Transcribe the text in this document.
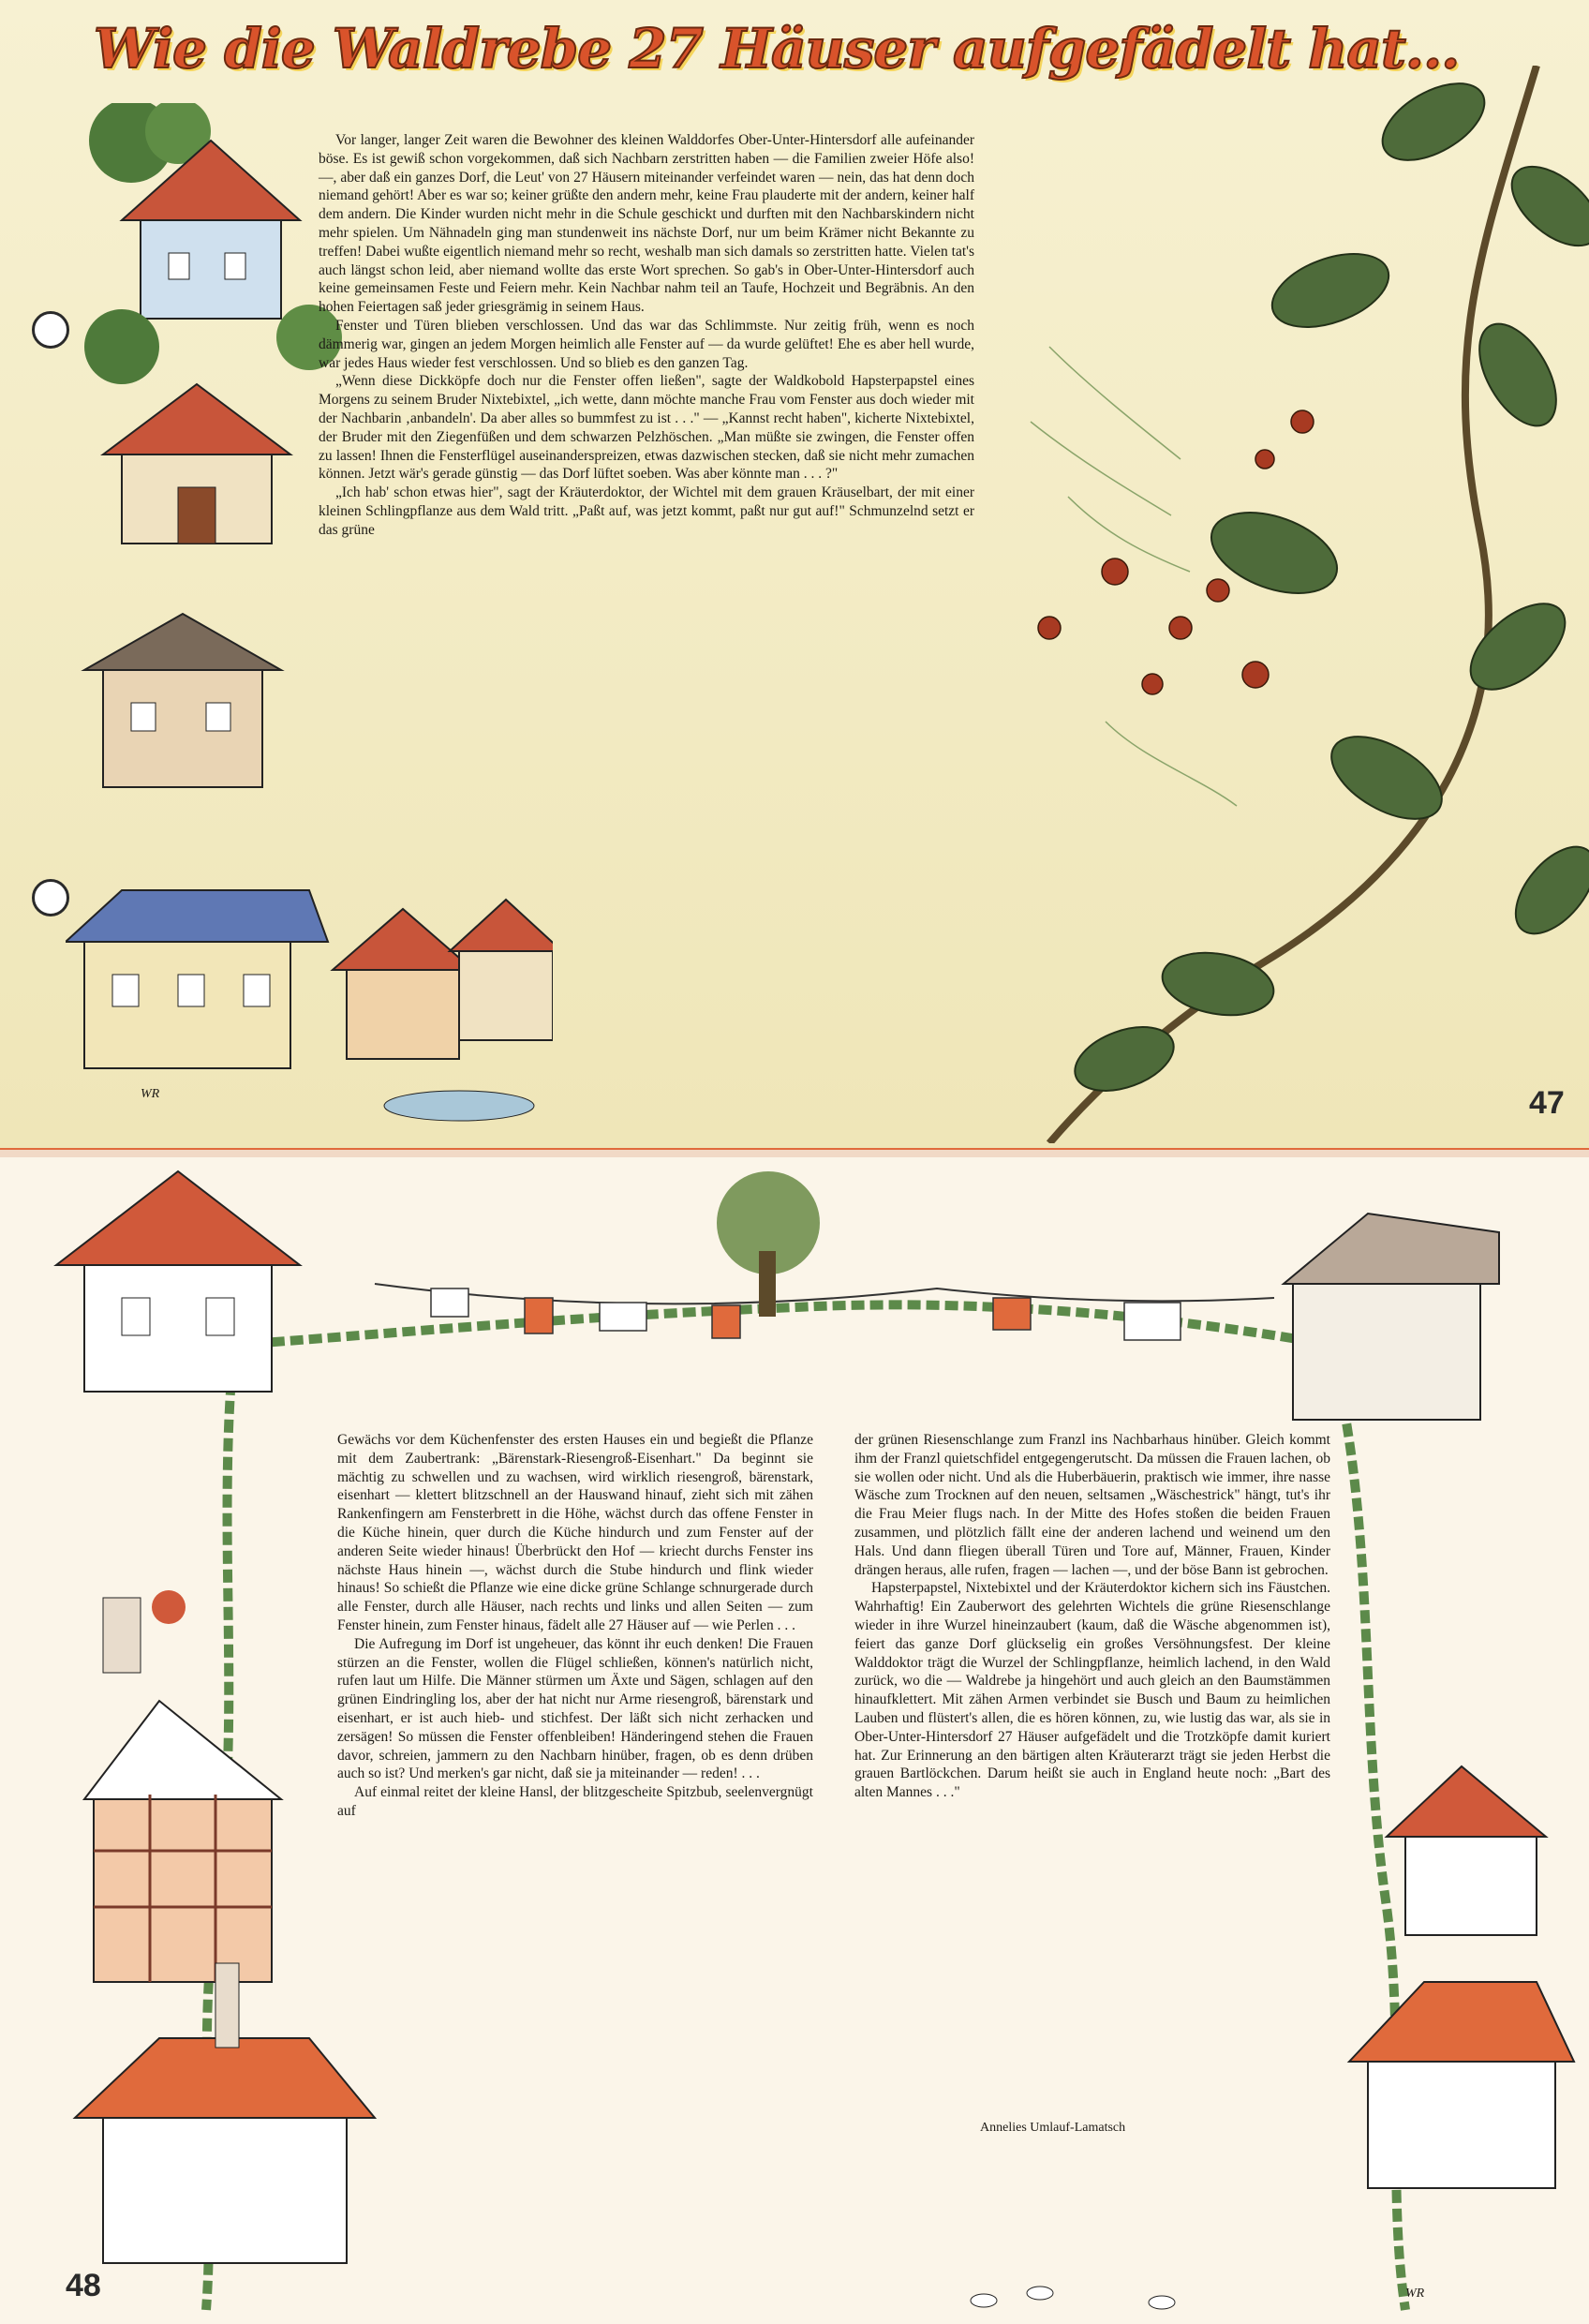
Wie die Waldrebe 27 Häuser aufgefädelt hat...

Vor langer, langer Zeit waren die Bewohner des kleinen Walddorfes Ober-Unter-Hintersdorf alle aufeinander böse. Es ist gewiß schon vorgekommen, daß sich Nachbarn zerstritten haben — die Familien zweier Höfe also! —, aber daß ein ganzes Dorf, die Leut' von 27 Häusern miteinander verfeindet waren — nein, das hat denn doch niemand gehört! Aber es war so; keiner grüßte den andern mehr, keine Frau plauderte mit der andern, keiner half dem andern. Die Kinder wurden nicht mehr in die Schule geschickt und durften mit den Nachbarskindern nicht mehr spielen. Um Nähnadeln ging man stundenweit ins nächste Dorf, nur um beim Krämer nicht Bekannte zu treffen! Dabei wußte eigentlich niemand mehr so recht, weshalb man sich damals so zerstritten hatte. Vielen tat's auch längst schon leid, aber niemand wollte das erste Wort sprechen. So gab's in Ober-Unter-Hintersdorf auch keine gemeinsamen Feste und Feiern mehr. Kein Nachbar nahm teil an Taufe, Hochzeit und Begräbnis. An den hohen Feiertagen saß jeder griesgrämig in seinem Haus.

Fenster und Türen blieben verschlossen. Und das war das Schlimmste. Nur zeitig früh, wenn es noch dämmerig war, gingen an jedem Morgen heimlich alle Fenster auf — da wurde gelüftet! Ehe es aber hell wurde, war jedes Haus wieder fest verschlossen. Und so blieb es den ganzen Tag.

„Wenn diese Dickköpfe doch nur die Fenster offen ließen", sagte der Waldkobold Hapsterpapstel eines Morgens zu seinem Bruder Nixtebixtel, „ich wette, dann möchte manche Frau vom Fenster aus doch wieder mit der Nachbarin ‚anbandeln'. Da aber alles so bummfest zu ist . . ." — „Kannst recht haben", kicherte Nixtebixtel, der Bruder mit den Ziegenfüßen und dem schwarzen Pelzhöschen. „Man müßte sie zwingen, die Fenster offen zu lassen! Ihnen die Fensterflügel auseinanderspreizen, etwas dazwischen stecken, daß sie nicht mehr zumachen können. Jetzt wär's gerade günstig — das Dorf lüftet soeben. Was aber könnte man . . . ?"

„Ich hab' schon etwas hier", sagt der Kräuterdoktor, der Wichtel mit dem grauen Kräuselbart, der mit einer kleinen Schlingpflanze aus dem Wald tritt. „Paßt auf, was jetzt kommt, paßt nur gut auf!" Schmunzelnd setzt er das grüne

WR	47

Gewächs vor dem Küchenfenster des ersten Hauses ein und begießt die Pflanze mit dem Zaubertrank: „Bärenstark-Riesengroß-Eisenhart." Da beginnt sie mächtig zu schwellen und zu wachsen, wird wirklich riesengroß, bärenstark, eisenhart — klettert blitzschnell an der Hauswand hinauf, zieht sich mit zähen Rankenfingern am Fensterbrett in die Höhe, wächst durch das offene Fenster in die Küche hinein, quer durch die Küche hindurch und zum Fenster auf der anderen Seite wieder hinaus! Überbrückt den Hof — kriecht durchs Fenster ins nächste Haus hinein —, wächst durch die Stube hindurch und flink wieder hinaus! So schießt die Pflanze wie eine dicke grüne Schlange schnurgerade durch alle Fenster, durch alle Häuser, nach rechts und links und allen Seiten — zum Fenster hinein, zum Fenster hinaus, fädelt alle 27 Häuser auf — wie Perlen . . .

Die Aufregung im Dorf ist ungeheuer, das könnt ihr euch denken! Die Frauen stürzen an die Fenster, wollen die Flügel schließen, können's natürlich nicht, rufen laut um Hilfe. Die Männer stürmen um Äxte und Sägen, schlagen auf den grünen Eindringling los, aber der hat nicht nur Arme riesengroß, bärenstark und eisenhart, er ist auch hieb- und stichfest. Der läßt sich nicht zerhacken und zersägen! So müssen die Fenster offenbleiben! Händeringend stehen die Frauen davor, schreien, jammern zu den Nachbarn hinüber, fragen, ob es denn drüben auch so ist? Und merken's gar nicht, daß sie ja miteinander — reden! . . .

Auf einmal reitet der kleine Hansl, der blitzgescheite Spitzbub, seelenvergnügt auf

der grünen Riesenschlange zum Franzl ins Nachbarhaus hinüber. Gleich kommt ihm der Franzl quietschfidel entgegengerutscht. Da müssen die Frauen lachen, ob sie wollen oder nicht. Und als die Huberbäuerin, praktisch wie immer, ihre nasse Wäsche zum Trocknen auf den neuen, seltsamen „Wäschestrick" hängt, tut's ihr die Frau Meier flugs nach. In der Mitte des Hofes stoßen die beiden Frauen zusammen, und plötzlich fällt eine der anderen lachend und weinend um den Hals. Und dann fliegen überall Türen und Tore auf, Männer, Frauen, Kinder drängen heraus, alle rufen, fragen — lachen —, und der böse Bann ist gebrochen.

Hapsterpapstel, Nixtebixtel und der Kräuterdoktor kichern sich ins Fäustchen. Wahrhaftig! Ein Zauberwort des gelehrten Wichtels die grüne Riesenschlange wieder in ihre Wurzel hineinzaubert (kaum, daß die Wäsche abgenommen ist), feiert das ganze Dorf glückselig ein großes Versöhnungsfest. Der kleine Walddoktor trägt die Wurzel der Schlingpflanze, heimlich lachend, in den Wald zurück, wo die — Waldrebe ja hingehört und auch gleich an den Baumstämmen hinaufklettert. Mit zähen Armen verbindet sie Busch und Baum zu heimlichen Lauben und flüstert's allen, die es hören können, zu, wie lustig das war, als sie in Ober-Unter-Hintersdorf 27 Häuser aufgefädelt und die Trotzköpfe damit kuriert hat. Zur Erinnerung an den bärtigen alten Kräuterarzt trägt sie jeden Herbst die grauen Bartlöckchen. Darum heißt sie auch in England heute noch: „Bart des alten Mannes . . ."

Annelies Umlauf-Lamatsch
WR
48
